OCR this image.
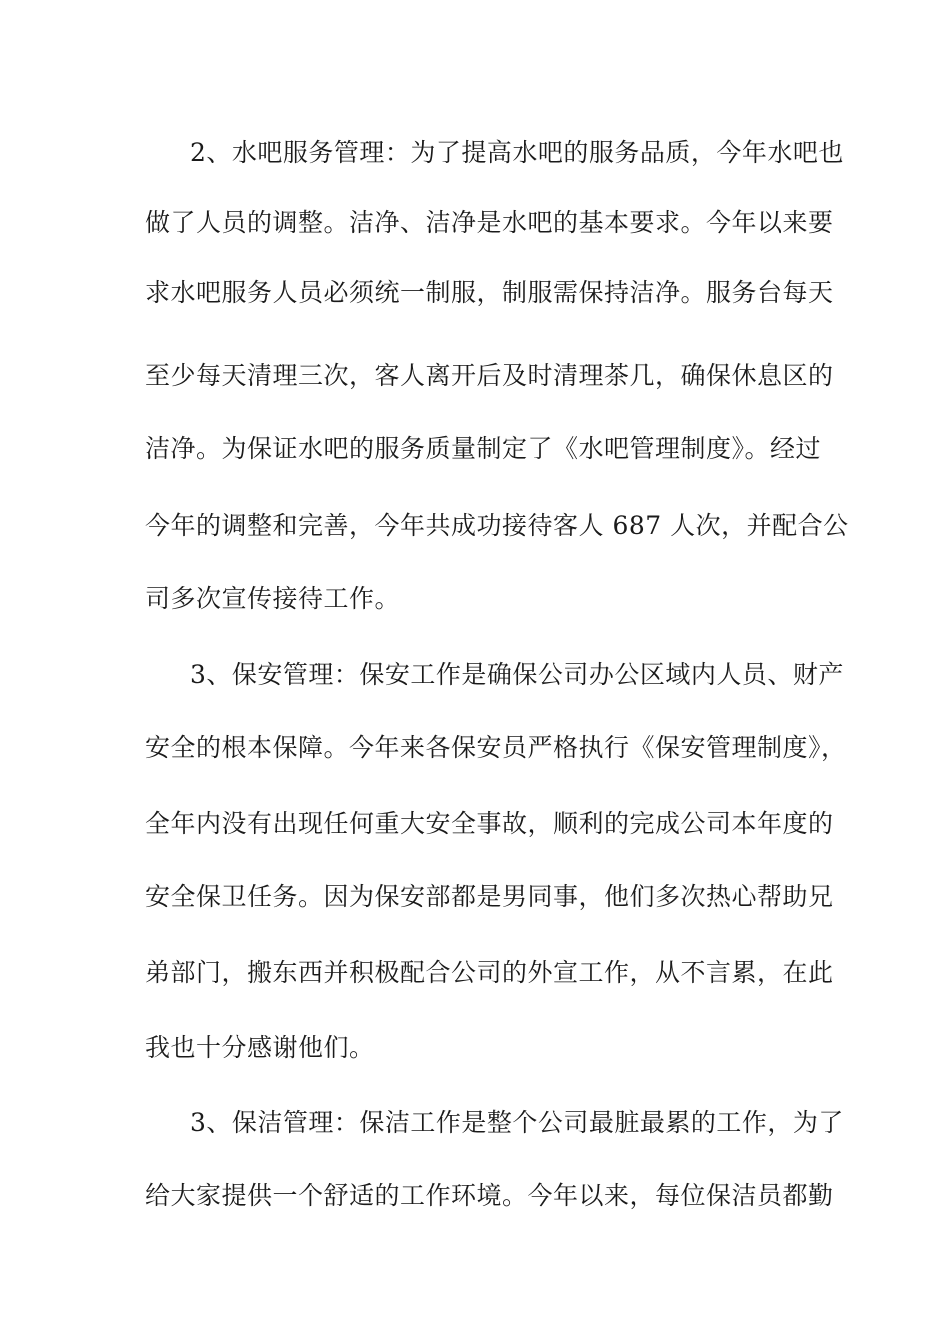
2、水吧服务管理：为了提高水吧的服务品质，今年水吧也
做了人员的调整。洁净、洁净是水吧的基本要求。今年以来要
求水吧服务人员必须统一制服，制服需保持洁净。服务台每天
至少每天清理三次，客人离开后及时清理茶几，确保休息区的
洁净。为保证水吧的服务质量制定了《水吧管理制度》。经过
今年的调整和完善，今年共成功接待客人 687 人次，并配合公
司多次宣传接待工作。
3、保安管理：保安工作是确保公司办公区域内人员、财产
安全的根本保障。今年来各保安员严格执行《保安管理制度》，
全年内没有出现任何重大安全事故，顺利的完成公司本年度的
安全保卫任务。因为保安部都是男同事，他们多次热心帮助兄
弟部门，搬东西并积极配合公司的外宣工作，从不言累，在此
我也十分感谢他们。
3、保洁管理：保洁工作是整个公司最脏最累的工作，为了
给大家提供一个舒适的工作环境。今年以来，每位保洁员都勤
